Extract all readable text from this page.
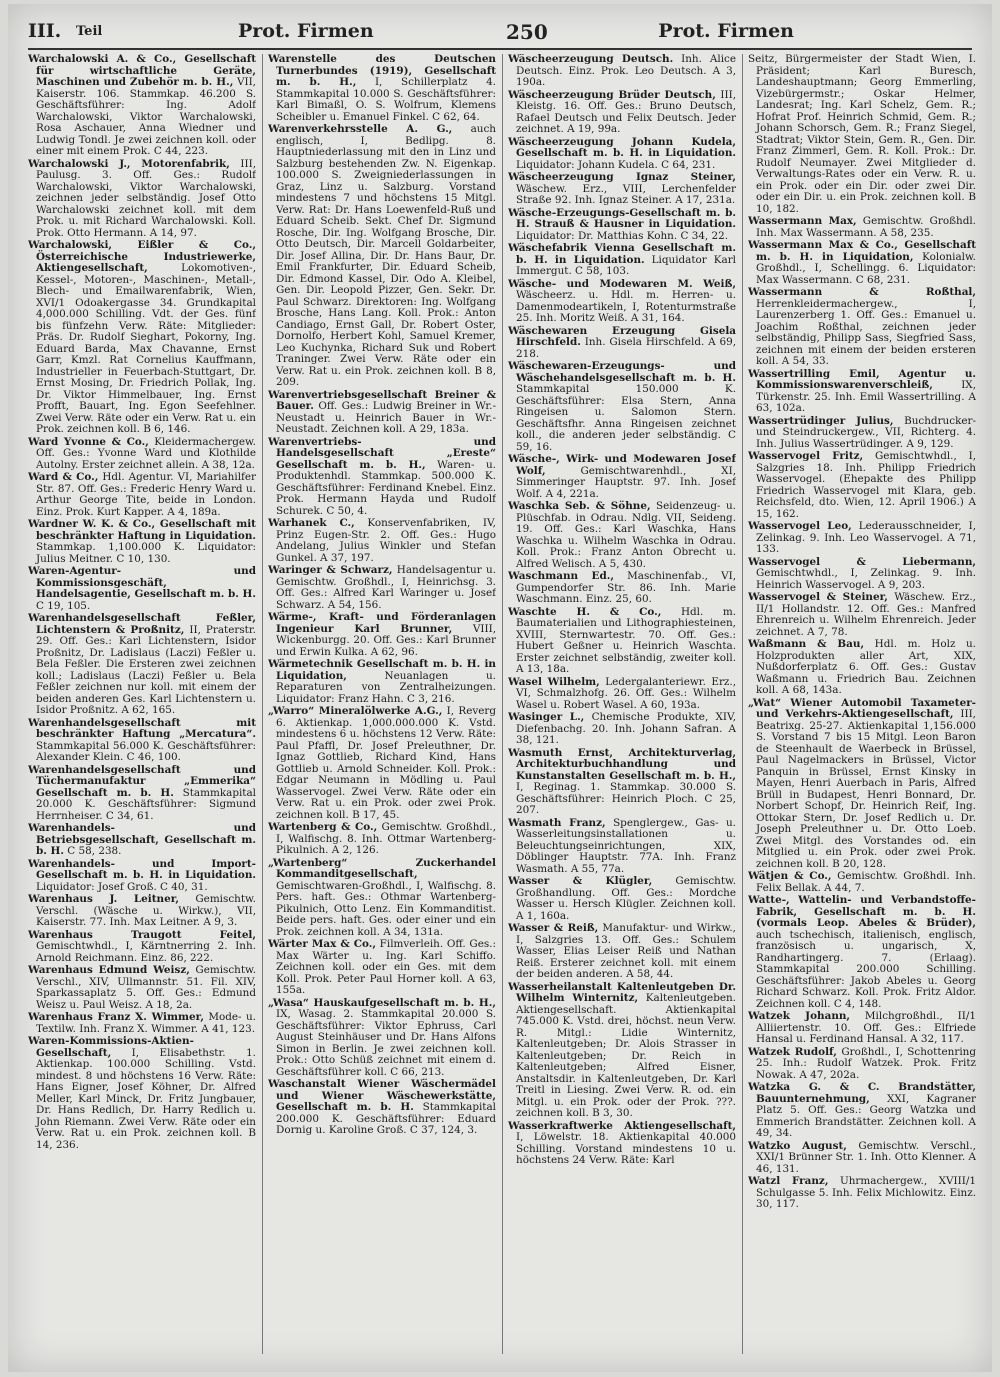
III. Teil	Prot. Firmen	250	Prot. Firmen

Warchalowski A. & Co., Gesellschaft für wirtschaftliche Geräte, Maschinen und Zubehör m. b. H., VII, Kaiserstr. 106. Stammkap. 46.200 S. Geschäftsführer: Ing. Adolf Warchalowski, Viktor Warchalowski, Rosa Aschauer, Anna Wiedner und Ludwig Tondl. Je zwei zeichnen koll. oder einer mit einem Prok. C 44, 223.

Warchalowski J., Motorenfabrik, III, Paulusg. 3. Off. Ges.: Rudolf Warchalowski, Viktor Warchalowski, zeichnen jeder selbständig. Josef Otto Warchalowski zeichnet koll. mit dem Prok. u. mit Richard Warchalowski. Koll. Prok. Otto Hermann. A 14, 97.

Warchalowski, Eißler & Co., Österreichische Industriewerke, Aktiengesellschaft,	Lokomotiven-, Kessel-, Motoren-, Maschinen-, Metall-, Blech- und Emailwarenfabrik, Wien, XVI/1 Odoakergasse 34. Grundkapital 4,000.000 Schilling. Vdt. der Ges. fünf bis fünfzehn Verw. Räte: Mitglieder: Präs. Dr. Rudolf Sieghart, Pokorny, Ing. Eduard Barda, Max Chavanne, Ernst Garr, Kmzl. Rat Cornelius Kauffmann, Industrieller in Feuerbach-Stuttgart, Dr. Ernst Mosing, Dr. Friedrich Pollak, Ing. Dr. Viktor Himmelbauer, Ing. Ernst Profft, Bauart, Ing. Egon Seefehlner. Zwei Verw. Räte oder ein Verw. Rat u. ein Prok. zeichnen koll. B 6, 146.

Ward Yvonne & Co., Kleidermachergew. Off. Ges.: Yvonne Ward und Klothilde Autolny. Erster zeichnet allein. A 38, 12a.

Ward & Co., Hdl. Agentur. VI, Mariahilfer Str. 87. Off. Ges.: Frederic Henry Ward u. Arthur George Tite, beide in London. Einz. Prok. Kurt Kapper. A 4, 189a.

Wardner W. K. & Co., Gesellschaft mit beschränkter Haftung in Liquidation. Stammkap. 1,100.000 K. Liquidator: Julius Meitner. C 10, 130.

Waren-Agentur- und Kommissionsgeschäft, Handelsagentie, Gesellschaft m. b. H. C 19, 105.

Warenhandelsgesellschaft Feßler, Lichtenstern & Proßnitz, II, Praterstr. 29. Off. Ges.: Karl Lichtenstern, Isidor Proßnitz, Dr. Ladislaus (Laczi) Feßler u. Bela Feßler. Die Ersteren zwei zeichnen koll.; Ladislaus (Laczi) Feßler u. Bela Feßler zeichnen nur koll. mit einem der beiden anderen Ges. Karl Lichtenstern u. Isidor Proßnitz. A 62, 165.

Warenhandelsgesellschaft mit beschränkter Haftung „Mercatura“. Stammkapital 56.000 K. Geschäftsführer: Alexander Klein. C 46, 100.

Warenhandelsgesellschaft und Tüchermanufaktur „Emmerika“ Gesellschaft m. b. H. Stammkapital 20.000 K. Geschäftsführer: Sigmund Herrnheiser. C 34, 61.

Warenhandels- und Betriebsgesellschaft, Gesellschaft m. b. H. C 58, 238.

Warenhandels- und Import-Gesellschaft m. b. H. in Liquidation. Liquidator: Josef Groß. C 40, 31.

Warenhaus J. Leitner, Gemischtw. Verschl. (Wäsche u. Wirkw.), VII, Kaiserstr. 77. Inh. Max Leitner. A 9, 3.

Warenhaus Traugott Feitel, Gemischtwhdl., I, Kärntnerring 2. Inh. Arnold Reichmann. Einz. 86, 222.

Warenhaus Edmund Weisz, Gemischtw. Verschl., XIV, Ullmannstr. 51. Fil. XIV, Sparkassaplatz 5. Off. Ges.: Edmund Weisz u. Paul Weisz. A 18, 2a.

Warenhaus Franz X. Wimmer, Mode- u. Textilw. Inh. Franz X. Wimmer. A 41, 123.

Waren-Kommissions-Aktien-Gesellschaft, I, Elisabethstr. 1. Aktienkap. 100.000 Schilling. Vstd. mindest. 8 und höchstens 16 Verw. Räte: Hans Eigner, Josef Köhner, Dr. Alfred Meller, Karl Minck, Dr. Fritz Jungbauer, Dr. Hans Redlich, Dr. Harry Redlich u. John Riemann. Zwei Verw. Räte oder ein Verw. Rat u. ein Prok. zeichnen koll. B 14, 236.

Warenstelle des Deutschen Turnerbundes (1919), Gesellschaft m. b. H., I, Schillerplatz 4. Stammkapital 10.000 S. Geschäftsführer: Karl Bimaßl, O. S. Wolfrum, Klemens Scheibler u. Emanuel Finkel. C 62, 64.

Warenverkehrsstelle A. G., auch englisch, I, Bedlipg. 8. Hauptniederlassung mit den in Linz und Salzburg bestehenden Zw. N. Eigenkap. 100.000 S. Zweigniederlassungen in Graz, Linz u. Salzburg. Vorstand mindestens 7 und höchstens 15 Mitgl. Verw. Rat: Dr. Hans Loewenfeld-Ruß und Eduard Scheib. Sekt. Chef Dr. Sigmund Rosche, Dir. Ing. Wolfgang Brosche, Dir. Otto Deutsch, Dir. Marcell Goldarbeiter, Dir. Josef Allina, Dir. Dr. Hans Baur, Dr. Emil Frankfurter, Dir. Eduard Scheib, Dir. Edmond Kassel, Dir. Odo A. Kleibel, Gen. Dir. Leopold Pizzer, Gen. Sekr. Dr. Paul Schwarz. Direktoren: Ing. Wolfgang Brosche, Hans Lang. Koll. Prok.: Anton Candiago, Ernst Gall, Dr. Robert Oster, Dornolfo, Herbert Kohl, Samuel Kremer, Leo Kuchynka, Richard Suk und Robert Traninger. Zwei Verw. Räte oder ein Verw. Rat u. ein Prok. zeichnen koll. B 8, 209.

Warenvertriebsgesellschaft Breiner & Bauer. Off. Ges.: Ludwig Breiner in Wr.-Neustadt u. Heinrich Bauer in Wr.-Neustadt. Zeichnen koll. A 29, 183a.

Warenvertriebs- und Handelsgesellschaft „Ereste“ Gesellschaft m. b. H., Waren- u. Produktenhdl. Stammkap. 500.000 K. Geschäftsführer: Ferdinand Knebel. Einz. Prok. Hermann Hayda und Rudolf Schurek. C 50, 4.

Warhanek C., Konservenfabriken, IV, Prinz Eugen-Str. 2. Off. Ges.: Hugo Andelang, Julius Winkler und Stefan Gunkel. A 37, 197.

Waringer & Schwarz, Handelsagentur u. Gemischtw. Großhdl., I, Heinrichsg. 3. Off. Ges.: Alfred Karl Waringer u. Josef Schwarz. A 54, 156.

Wärme-, Kraft- und Förderanlagen Ingenieur Karl Brunner, VIII, Wickenburgg. 20. Off. Ges.: Karl Brunner und Erwin Kulka. A 62, 96.

Wärmetechnik Gesellschaft m. b. H. in Liquidation,	Neuanlagen u. Reparaturen von Zentralheizungen. Liquidator: Franz Hahn. C 3, 216.

„Warro“ Mineralölwerke A.G., I, Reverg 6. Aktienkap. 1,000.000.000 K. Vstd. mindestens 6 u. höchstens 12 Verw. Räte: Paul Pfaffl, Dr. Josef Preleuthner, Dr. Ignaz Gottlieb, Richard Kind, Hans Gottlieb u. Arnold Schneider. Koll. Prok.: Edgar Neumann in Mödling u. Paul Wasservogel. Zwei Verw. Räte oder ein Verw. Rat u. ein Prok. oder zwei Prok. zeichnen koll. B 17, 45.

Wartenberg & Co., Gemischtw. Großhdl., I, Walfischg. 8. Inh. Ottmar Wartenberg-Pikulnich. A 2, 126.

„Wartenberg“ Zuckerhandel Kommanditgesellschaft, Gemischtwaren-Großhdl., I, Walfischg. 8. Pers. haft. Ges.: Othmar Wartenberg-Pikulnich, Otto Lenz. Ein Kommanditist. Beide pers. haft. Ges. oder einer und ein Prok. zeichnen koll. A 34, 131a.

Wärter Max & Co., Filmverleih. Off. Ges.: Max Wärter u. Ing. Karl Schiffo. Zeichnen koll. oder ein Ges. mit dem Koll. Prok. Peter Paul Horner koll. A 63, 155a.

„Wasa“ Hauskaufgesellschaft m. b. H., IX, Wasag. 2. Stammkapital 20.000 S. Geschäftsführer: Viktor Ephruss, Carl August Steinhäuser und Dr. Hans Alfons Simon in Berlin. Je zwei zeichnen koll. Prok.: Otto Schüß zeichnet mit einem d. Geschäftsführer koll. C 66, 213.

Waschanstalt Wiener Wäschermädel und Wiener Wäschewerkstätte, Gesellschaft m. b. H. Stammkapital 200.000 K. Geschäftsführer: Eduard Dornig u. Karoline Groß. C 37, 124, 3.

Wäscheerzeugung Deutsch. Inh. Alice Deutsch. Einz. Prok. Leo Deutsch. A 3, 190a.

Wäscheerzeugung Brüder Deutsch, III, Kleistg. 16. Off. Ges.: Bruno Deutsch, Rafael Deutsch und Felix Deutsch. Jeder zeichnet. A 19, 99a.

Wäscheerzeugung Johann Kudela, Gesellschaft m. b. H. in Liquidation. Liquidator: Johann Kudela. C 64, 231.

Wäscheerzeugung Ignaz Steiner, Wäschew. Erz., VIII, Lerchenfelder Straße 92. Inh. Ignaz Steiner. A 17, 231a.

Wäsche-Erzeugungs-Gesellschaft m. b. H. Strauß & Hausner in Liquidation. Liquidator: Dr. Matthias Kohn. C 34, 22.

Wäschefabrik Vienna Gesellschaft m. b. H. in Liquidation. Liquidator Karl Immergut. C 58, 103.

Wäsche- und Modewaren M. Weiß, Wäscheerz. u. Hdl. m. Herren- u. Damenmodeartikeln, I, Rotenturmstraße 25. Inh. Moritz Weiß. A 31, 164.

Wäschewaren Erzeugung Gisela Hirschfeld. Inh. Gisela Hirschfeld. A 69, 218.

Wäschewaren-Erzeugungs- und Wäschehandelsgesellschaft m. b. H. Stammkapital 150.000 K. Geschäftsführer: Elsa Stern, Anna Ringeisen u. Salomon Stern. Geschäftsfhr. Anna Ringeisen zeichnet koll., die anderen jeder selbständig. C 59, 16.

Wäsche-, Wirk- und Modewaren Josef Wolf,	Gemischtwarenhdl., XI, Simmeringer Hauptstr. 97. Inh. Josef Wolf. A 4, 221a.

Waschka Seb. & Söhne, Seidenzeug- u. Plüschfab. in Odrau. Ndlg. VII, Seideng. 19. Off. Ges.: Karl Waschka, Hans Waschka u. Wilhelm Waschka in Odrau. Koll. Prok.: Franz Anton Obrecht u. Alfred Welisch. A 5, 430.

Waschmann Ed., Maschinenfab., VI, Gumpendorfer Str. 86. Inh. Marie Waschmann. Einz. 25, 60.

Waschte H. & Co., Hdl. m. Baumaterialien und Lithographiesteinen, XVIII, Sternwartestr. 70. Off. Ges.: Hubert Geßner u. Heinrich Waschta. Erster zeichnet selbständig, zweiter koll. A 13, 18a.

Wasel Wilhelm, Ledergalanteriewr. Erz., VI, Schmalzhofg. 26. Off. Ges.: Wilhelm Wasel u. Robert Wasel. A 60, 193a.

Wasinger L., Chemische Produkte, XIV, Diefenbachg. 20. Inh. Johann Safran. A 38, 121.

Wasmuth Ernst, Architekturverlag, Architekturbuchhandlung und Kunstanstalten Gesellschaft m. b. H., I, Reginag. 1. Stammkap. 30.000 S. Geschäftsführer: Heinrich Ploch. C 25, 207.

Wasmath Franz, Spenglergew., Gas- u. Wasserleitungsinstallationen u. Beleuchtungseinrichtungen, XIX, Döblinger Hauptstr. 77A. Inh. Franz Wasmath. A 55, 77a.

Wasser & Klügler, Gemischtw. Großhandlung. Off. Ges.: Mordche Wasser u. Hersch Klügler. Zeichnen koll. A 1, 160a.

Wasser & Reiß, Manufaktur- und Wirkw., I, Salzgries 13. Off. Ges.: Schulem Wasser, Elias Leiser Reiß und Nathan Reiß. Ersterer zeichnet koll. mit einem der beiden anderen. A 58, 44.

Wasserheilanstalt Kaltenleutgeben Dr. Wilhelm Winternitz, Kaltenleutgeben. Aktiengesellschaft. Aktienkapital 745.000 K. Vstd. drei, höchst. neun Verw. R. Mitgl.: Lidie Winternitz, Kaltenleutgeben; Dr. Alois Strasser in Kaltenleutgeben; Dr. Reich in Kaltenleutgeben; Alfred Eisner, Anstaltsdir. in Kaltenleutgeben, Dr. Karl Treitl in Liesing. Zwei Verw. R. od. ein Mitgl. u. ein Prok. oder der Prok. ???. zeichnen koll. B 3, 30.

Wasserkraftwerke Aktiengesellschaft, I, Löwelstr. 18. Aktienkapital 40.000 Schilling. Vorstand mindestens 10 u. höchstens 24 Verw. Räte: Karl

Seitz, Bürgermeister der Stadt Wien, I. Präsident; Karl Buresch, Landeshauptmann; Georg Emmerling, Vizebürgermstr.; Oskar Helmer, Landesrat; Ing. Karl Schelz, Gem. R.; Hofrat Prof. Heinrich Schmid, Gem. R.; Johann Schorsch, Gem. R.; Franz Siegel, Stadtrat; Viktor Stein, Gem. R., Gen. Dir. Franz Zimmerl, Gem. R. Koll. Prok.: Dr. Rudolf Neumayer. Zwei Mitglieder d. Verwaltungs-Rates oder ein Verw. R. u. ein Prok. oder ein Dir. oder zwei Dir. oder ein Dir. u. ein Prok. zeichnen koll. B 10, 182.

Wassermann Max, Gemischtw. Großhdl. Inh. Max Wassermann. A 58, 235.

Wassermann Max & Co., Gesellschaft m. b. H. in Liquidation, Kolonialw. Großhdl., I, Schellingg. 6. Liquidator: Max Wassermann. C 68, 231.

Wassermann & Roßthal, Herrenkleidermachergew., I, Laurenzerberg 1. Off. Ges.: Emanuel u. Joachim Roßthal, zeichnen jeder selbständig, Philipp Sass, Siegfried Sass, zeichnen mit einem der beiden ersteren koll. A 54, 33.

Wassertrilling Emil, Agentur u. Kommissionswarenverschleiß,	IX, Türkenstr. 25. Inh. Emil Wassertrilling. A 63, 102a.

Wassertrüdinger Julius, Buchdrucker- und Steindruckergew., VII, Richterg. 4. Inh. Julius Wassertrüdinger. A 9, 129.

Wasservogel Fritz, Gemischtwhdl., I, Salzgries 18. Inh. Philipp Friedrich Wasservogel. (Ehepakte des Philipp Friedrich Wasservogel mit Klara, geb. Reichsfeld, dto. Wien, 12. April 1906.) A 15, 162.

Wasservogel Leo, Lederausschneider, I, Zelinkag. 9. Inh. Leo Wasservogel. A 71, 133.

Wasservogel & Liebermann, Gemischtwhdl., I, Zelinkag. 9. Inh. Heinrich Wasservogel. A 9, 203.

Wasservogel & Steiner, Wäschew. Erz., II/1 Hollandstr. 12. Off. Ges.: Manfred Ehrenreich u. Wilhelm Ehrenreich. Jeder zeichnet. A 7, 78.

Waßmann & Bau, Hdl. m. Holz u. Holzprodukten aller Art, XIX, Nußdorferplatz 6. Off. Ges.: Gustav Waßmann u. Friedrich Bau. Zeichnen koll. A 68, 143a.

„Wat“ Wiener Automobil Taxameter- und Verkehrs-Aktiengesellschaft, III, Beatrixg. 25-27. Aktienkapital 1,156.000 S. Vorstand 7 bis 15 Mitgl. Leon Baron de Steenhault de Waerbeck in Brüssel, Paul Nagelmackers in Brüssel, Victor Panquin in Brüssel, Ernst Kinsky in Mayen, Henri Auerbach in Paris, Alfred Brüll in Budapest, Henri Bonnard, Dr. Norbert Schopf, Dr. Heinrich Reif, Ing. Ottokar Stern, Dr. Josef Redlich u. Dr. Joseph Preleuthner u. Dr. Otto Loeb. Zwei Mitgl. des Vorstandes od. ein Mitglied u. ein Prok. oder zwei Prok. zeichnen koll. B 20, 128.

Wätjen & Co., Gemischtw. Großhdl. Inh. Felix Bellak. A 44, 7.

Watte-, Wattelin- und Verbandstoffe-Fabrik, Gesellschaft m. b. H. (vormals Leop. Abeles & Brüder), auch tschechisch, italienisch, englisch, französisch u. ungarisch, X, Randhartingerg. 7. (Erlaag). Stammkapital 200.000 Schilling. Geschäftsführer: Jakob Abeles u. Georg Richard Schwarz. Koll. Prok. Fritz Aldor. Zeichnen koll. C 4, 148.

Watzek Johann, Milchgroßhdl., II/1 Alliiertenstr. 10. Off. Ges.: Elfriede Hansal u. Ferdinand Hansal. A 32, 117.

Watzek Rudolf, Großhdl., I, Schottenring 25. Inh.: Rudolf Watzek. Prok. Fritz Nowak. A 47, 202a.

Watzka G. & C. Brandstätter, Bauunternehmung, XXI, Kagraner Platz 5. Off. Ges.: Georg Watzka und Emmerich Brandstätter. Zeichnen koll. A 49, 34.

Watzko August, Gemischtw. Verschl., XXI/1 Brünner Str. 1. Inh. Otto Klenner. A 46, 131.

Watzl Franz, Uhrmachergew., XVIII/1 Schulgasse 5. Inh. Felix Michlowitz. Einz. 30, 117.
